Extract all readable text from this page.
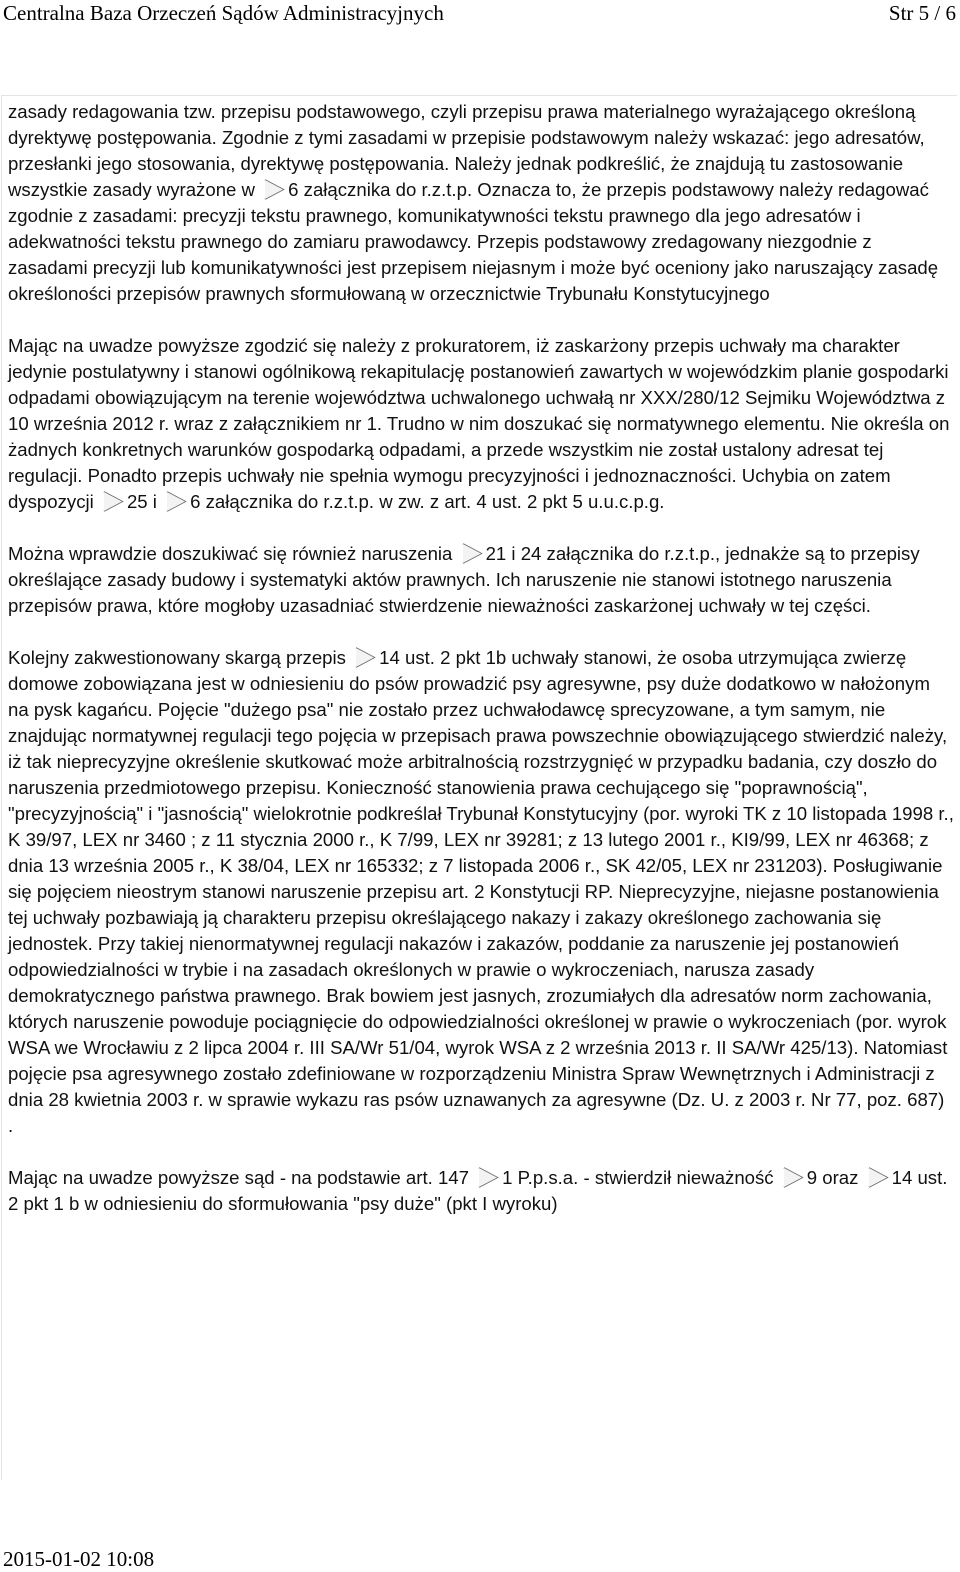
Centralna Baza Orzeczeń Sądów Administracyjnych	Str 5 / 6

zasady redagowania tzw. przepisu podstawowego, czyli przepisu prawa materialnego wyrażającego określoną dyrektywę postępowania. Zgodnie z tymi zasadami w przepisie podstawowym należy wskazać: jego adresatów, przesłanki jego stosowania, dyrektywę postępowania. Należy jednak podkreślić, że znajdują tu zastosowanie wszystkie zasady wyrażone w
6 załącznika do r.z.t.p. Oznacza to, że przepis podstawowy należy redagować zgodnie z zasadami: precyzji tekstu prawnego, komunikatywności tekstu prawnego dla jego adresatów i adekwatności tekstu prawnego do zamiaru prawodawcy. Przepis podstawowy zredagowany niezgodnie z zasadami precyzji lub komunikatywności jest przepisem niejasnym i może być oceniony jako naruszający zasadę określoności przepisów prawnych sformułowaną w orzecznictwie Trybunału Konstytucyjnego

Mając na uwadze powyższe zgodzić się należy z prokuratorem, iż zaskarżony przepis uchwały ma charakter jedynie postulatywny i stanowi ogólnikową rekapitulację postanowień zawartych w wojewódzkim planie gospodarki odpadami obowiązującym na terenie województwa uchwalonego uchwałą nr XXX/280/12 Sejmiku Województwa z 10 września 2012 r. wraz z załącznikiem nr 1. Trudno w nim doszukać się normatywnego elementu. Nie określa on żadnych konkretnych warunków gospodarką odpadami, a przede wszystkim nie został ustalony adresat tej regulacji. Ponadto przepis uchwały nie spełnia wymogu precyzyjności i jednoznaczności. Uchybia on zatem dyspozycji
25 i
6 załącznika do r.z.t.p. w zw. z art. 4 ust. 2 pkt 5 u.u.c.p.g.

Można wprawdzie doszukiwać się również naruszenia
21 i 24 załącznika do r.z.t.p., jednakże są to przepisy określające zasady budowy i systematyki aktów prawnych. Ich naruszenie nie stanowi istotnego naruszenia przepisów prawa, które mogłoby uzasadniać stwierdzenie nieważności zaskarżonej uchwały w tej części.

Kolejny zakwestionowany skargą przepis
14 ust. 2 pkt 1b uchwały stanowi, że osoba utrzymująca zwierzę domowe zobowiązana jest w odniesieniu do psów prowadzić psy agresywne, psy duże dodatkowo w nałożonym na pysk kagańcu. Pojęcie "dużego psa" nie zostało przez uchwałodawcę sprecyzowane, a tym samym, nie znajdując normatywnej regulacji tego pojęcia w przepisach prawa powszechnie obowiązującego stwierdzić należy, iż tak nieprecyzyjne określenie skutkować może arbitralnością rozstrzygnięć w przypadku badania, czy doszło do naruszenia przedmiotowego przepisu. Konieczność stanowienia prawa cechującego się "poprawnością", "precyzyjnością" i "jasnością" wielokrotnie podkreślał Trybunał Konstytucyjny (por. wyroki TK z 10 listopada 1998 r., K 39/97, LEX nr 3460 ; z 11 stycznia 2000 r., K 7/99, LEX nr 39281; z 13 lutego 2001 r., KI9/99, LEX nr 46368; z dnia 13 września 2005 r., K 38/04, LEX nr 165332; z 7 listopada 2006 r., SK 42/05, LEX nr 231203). Posługiwanie się pojęciem nieostrym stanowi naruszenie przepisu art. 2 Konstytucji RP. Nieprecyzyjne, niejasne postanowienia tej uchwały pozbawiają ją charakteru przepisu określającego nakazy i zakazy określonego zachowania się jednostek. Przy takiej nienormatywnej regulacji nakazów i zakazów, poddanie za naruszenie jej postanowień odpowiedzialności w trybie i na zasadach określonych w prawie o wykroczeniach, narusza zasady demokratycznego państwa prawnego. Brak bowiem jest jasnych, zrozumiałych dla adresatów norm zachowania, których naruszenie powoduje pociągnięcie do odpowiedzialności określonej w prawie o wykroczeniach (por. wyrok WSA we Wrocławiu z 2 lipca 2004 r. III SA/Wr 51/04, wyrok WSA z 2 września 2013 r. II SA/Wr 425/13). Natomiast pojęcie psa agresywnego zostało zdefiniowane w rozporządzeniu Ministra Spraw Wewnętrznych i Administracji z dnia 28 kwietnia 2003 r. w sprawie wykazu ras psów uznawanych za agresywne (Dz. U. z 2003 r. Nr 77, poz. 687) .

Mając na uwadze powyższe sąd - na podstawie art. 147
1 P.p.s.a. - stwierdził nieważność
9 oraz
14 ust. 2 pkt 1 b w odniesieniu do sformułowania "psy duże" (pkt I wyroku)

2015-01-02 10:08
